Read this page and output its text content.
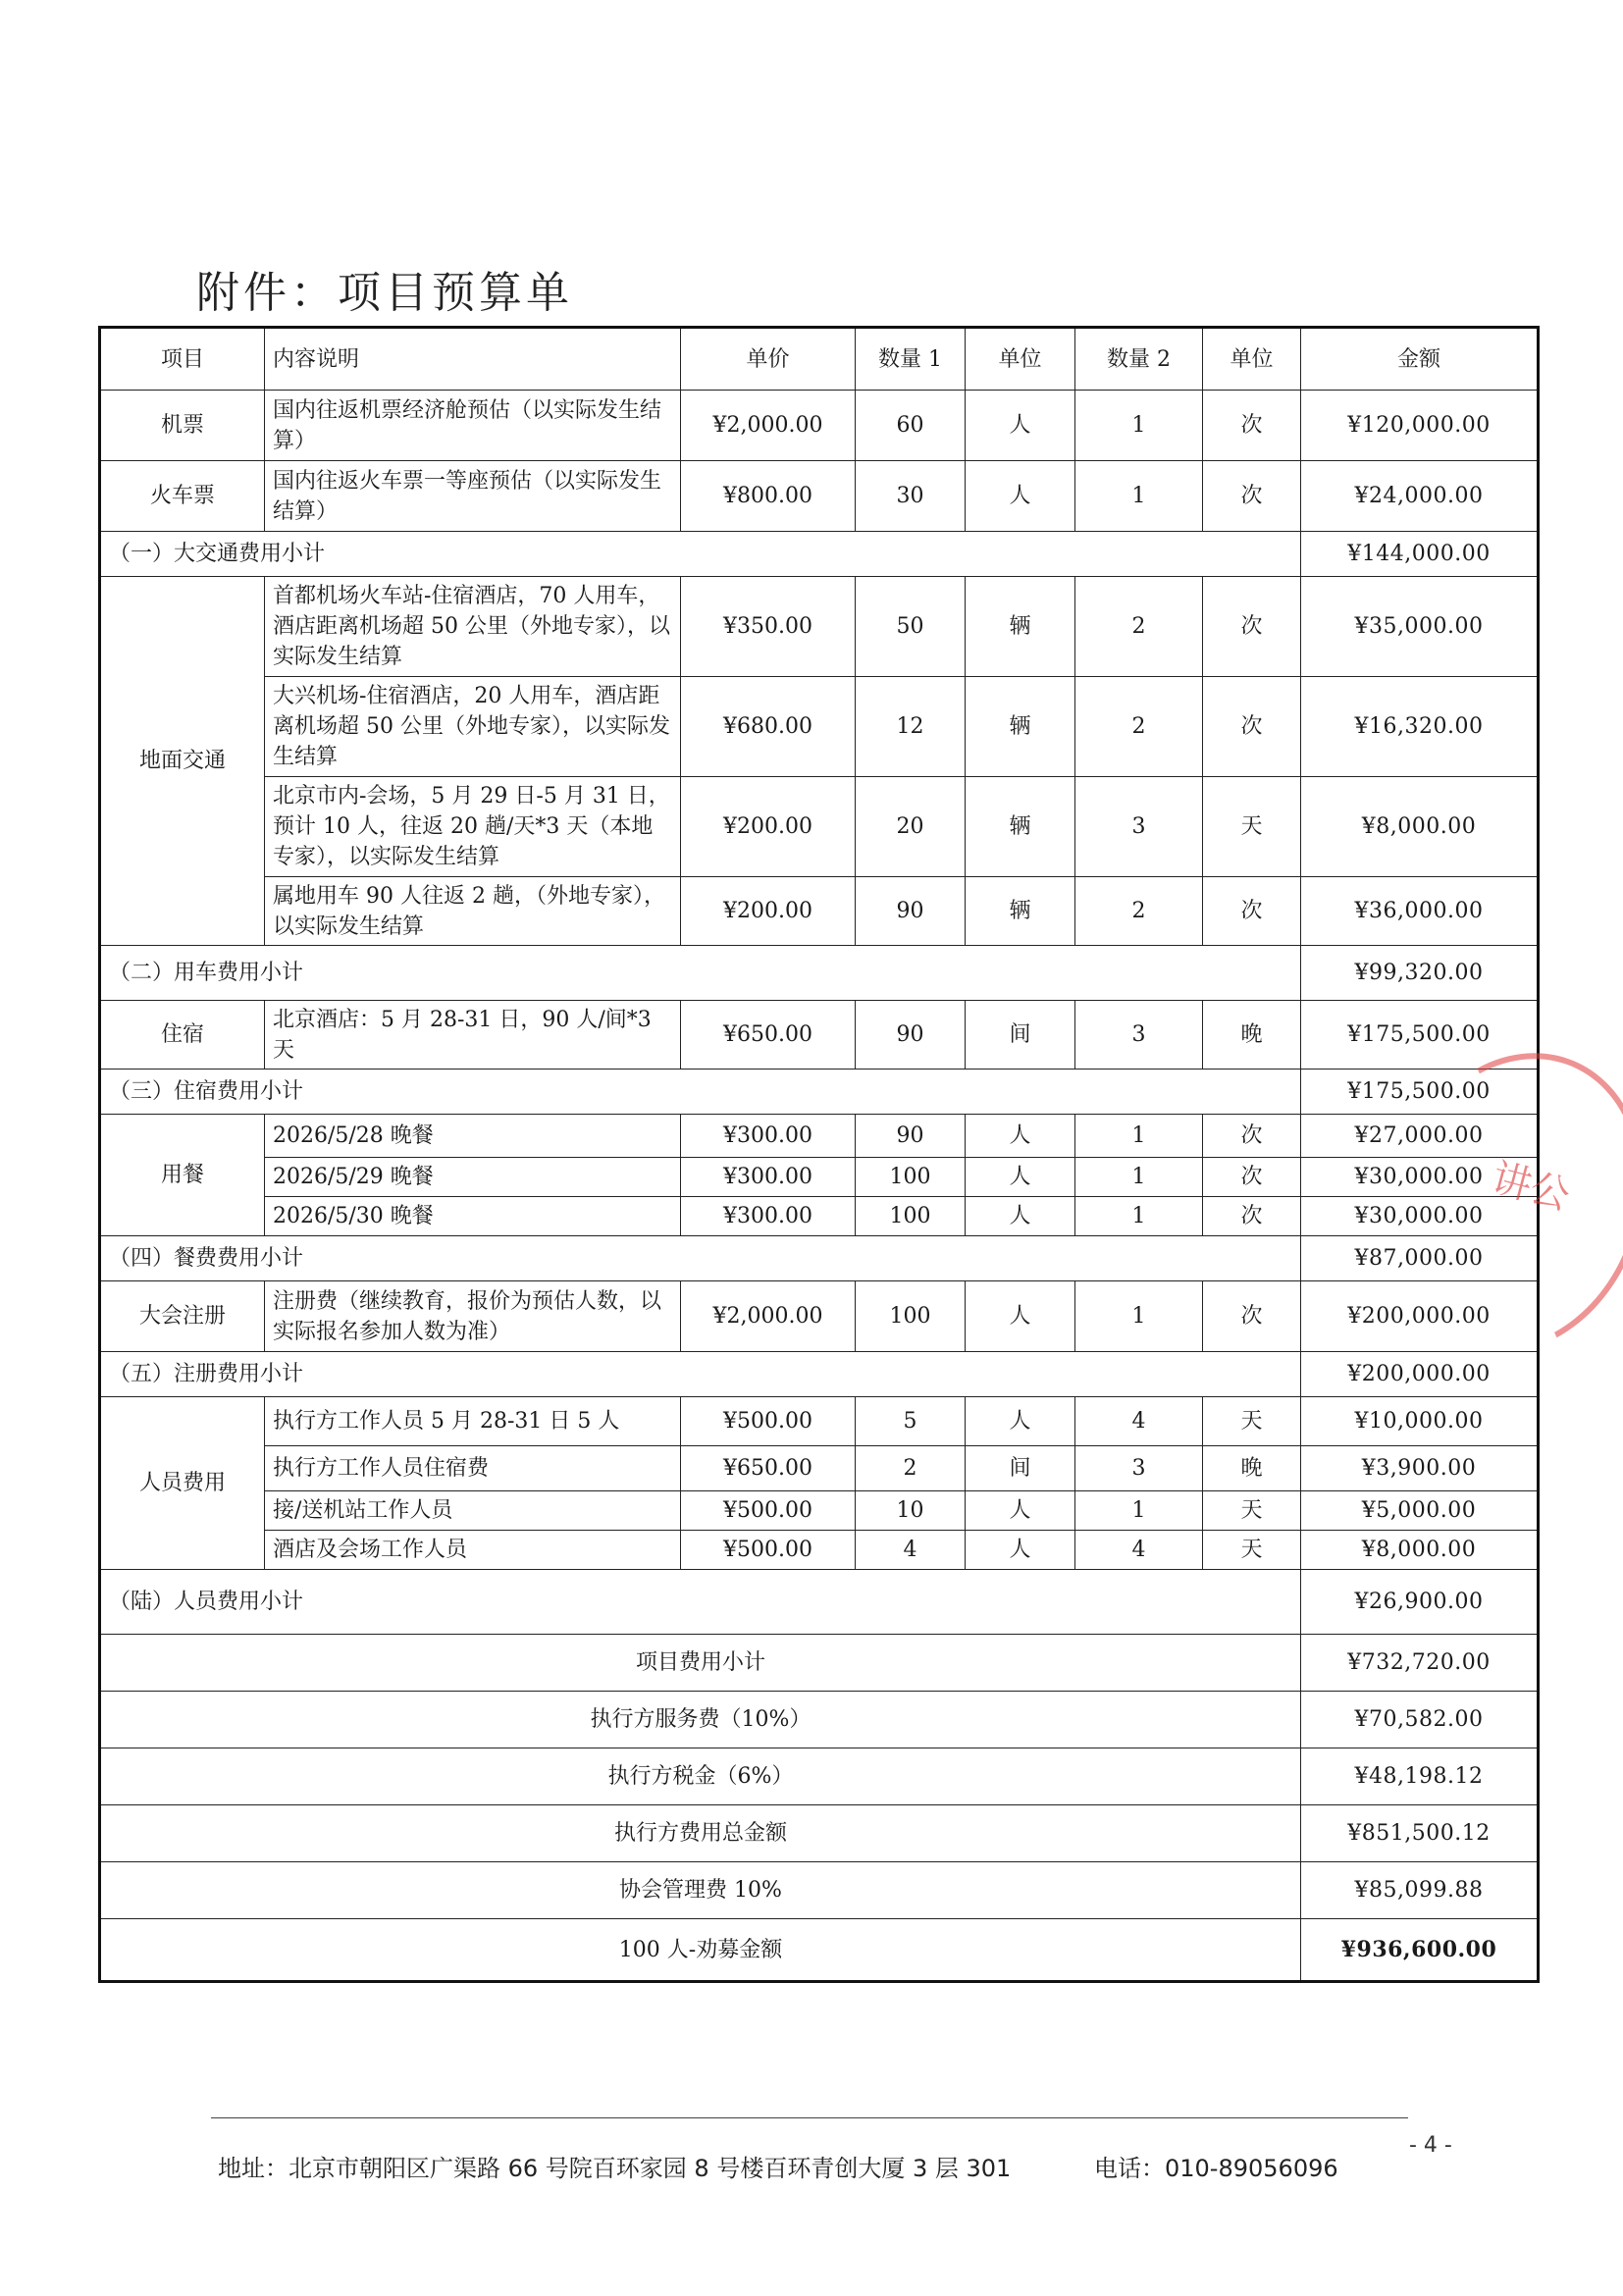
附件：项目预算单
项目	内容说明	单价	数量 1	单位	数量 2	单位	金额
机票	国内往返机票经济舱预估（以实际发生结算）	¥2,000.00	60	人	1	次	¥120,000.00
火车票	国内往返火车票一等座预估（以实际发生结算）	¥800.00	30	人	1	次	¥24,000.00
（一）大交通费用小计							¥144,000.00
地面交通	首都机场火车站-住宿酒店，70 人用车，酒店距离机场超 50 公里（外地专家），以实际发生结算	¥350.00	50	辆	2	次	¥35,000.00
	大兴机场-住宿酒店，20 人用车，酒店距离机场超 50 公里（外地专家），以实际发生结算	¥680.00	12	辆	2	次	¥16,320.00
	北京市内-会场，5 月 29 日-5 月 31 日，预计 10 人，往返 20 趟/天*3 天（本地专家），以实际发生结算	¥200.00	20	辆	3	天	¥8,000.00
	属地用车 90 人往返 2 趟，（外地专家），以实际发生结算	¥200.00	90	辆	2	次	¥36,000.00
（二）用车费用小计							¥99,320.00
住宿	北京酒店：5 月 28-31 日，90 人/间*3 天	¥650.00	90	间	3	晚	¥175,500.00
（三）住宿费用小计							¥175,500.00
用餐	2026/5/28 晚餐	¥300.00	90	人	1	次	¥27,000.00
	2026/5/29 晚餐	¥300.00	100	人	1	次	¥30,000.00
	2026/5/30 晚餐	¥300.00	100	人	1	次	¥30,000.00
（四）餐费费用小计							¥87,000.00
大会注册	注册费（继续教育，报价为预估人数，以实际报名参加人数为准）	¥2,000.00	100	人	1	次	¥200,000.00
（五）注册费用小计							¥200,000.00
人员费用	执行方工作人员 5 月 28-31 日 5 人	¥500.00	5	人	4	天	¥10,000.00
	执行方工作人员住宿费	¥650.00	2	间	3	晚	¥3,900.00
	接/送机站工作人员	¥500.00	10	人	1	天	¥5,000.00
	酒店及会场工作人员	¥500.00	4	人	4	天	¥8,000.00
（陆）人员费用小计							¥26,900.00
项目费用小计							¥732,720.00
执行方服务费（10%）							¥70,582.00
执行方税金（6%）							¥48,198.12
执行方费用总金额							¥851,500.12
协会管理费 10%							¥85,099.88
100 人-劝募金额							¥936,600.00
讲公
- 4 -
地址：北京市朝阳区广渠路 66 号院百环家园 8 号楼百环青创大厦 3 层 301	电话：010-89056096
